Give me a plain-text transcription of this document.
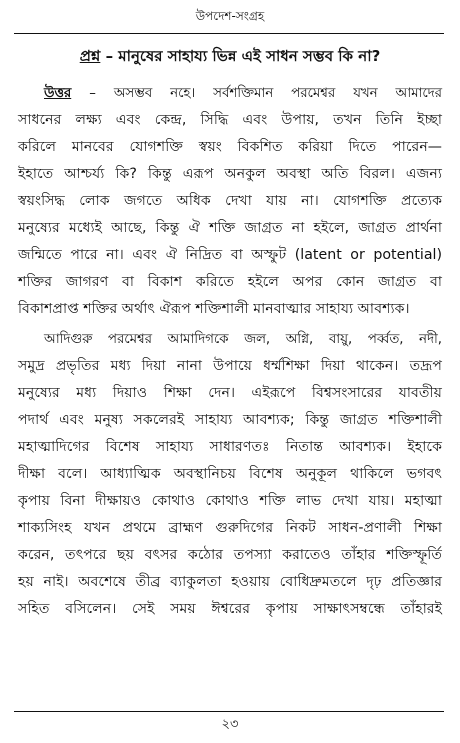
উপদেশ-সংগ্রহ
প্রশ্ন – মানুষের সাহায্য ভিন্ন এই সাধন সম্ভব কি না?
উত্তর – অসম্ভব নহে। সর্বশক্তিমান পরমেশ্বর যখন আমাদের
সাধনের লক্ষ্য এবং কেন্দ্র, সিদ্ধি এবং উপায়, তখন তিনি ইচ্ছা
করিলে মানবের যোগশক্তি স্বয়ং বিকশিত করিয়া দিতে পারেন—
ইহাতে আশ্চর্য্য কি? কিন্তু এরূপ অনকুল অবস্থা অতি বিরল। এজন্য
স্বয়ংসিদ্ধ লোক জগতে অধিক দেখা যায় না। যোগশক্তি প্রত্যেক
মনুষ্যের মধ্যেই আছে, কিন্তু ঐ শক্তি জাগ্রত না হইলে, জাগ্রত প্রার্থনা
জন্মিতে পারে না। এবং ঐ নিদ্রিত বা অস্ফুট (latent or potential)
শক্তির জাগরণ বা বিকাশ করিতে হইলে অপর কোন জাগ্রত বা
বিকাশপ্রাপ্ত শক্তির অর্থাৎ ঐরূপ শক্তিশালী মানবাত্মার সাহায্য আবশ্যক।
আদিগুরু পরমেশ্বর আমাদিগকে জল, অগ্নি, বায়ু, পর্ব্বত, নদী,
সমুদ্র প্রভৃতির মধ্য দিয়া নানা উপায়ে ধর্ম্মশিক্ষা দিয়া থাকেন। তদ্রূপ
মনুষ্যের মধ্য দিয়াও শিক্ষা দেন। এইরূপে বিশ্বসংসারের যাবতীয়
পদার্থ এবং মনুষ্য সকলেরই সাহায্য আবশ্যক; কিন্তু জাগ্রত শক্তিশালী
মহাত্মাদিগের বিশেষ সাহায্য সাধারণতঃ নিতান্ত আবশ্যক। ইহাকে
দীক্ষা বলে। আধ্যাত্মিক অবস্থানিচয় বিশেষ অনুকূল থাকিলে ভগবৎ
কৃপায় বিনা দীক্ষায়ও কোথাও কোথাও শক্তি লাভ দেখা যায়। মহাত্মা
শাক্যসিংহ যখন প্রথমে ব্রাহ্মণ গুরুদিগের নিকট সাধন-প্রণালী শিক্ষা
করেন, তৎপরে ছয় বৎসর কঠোর তপস্যা করাতেও তাঁহার শক্তিস্ফূর্তি
হয় নাই। অবশেষে তীব্র ব্যাকুলতা হওয়ায় বোধিদ্রুমতলে দৃঢ় প্রতিজ্ঞার
সহিত বসিলেন। সেই সময় ঈশ্বরের কৃপায় সাক্ষাৎসম্বন্ধে তাঁহারই
২৩
